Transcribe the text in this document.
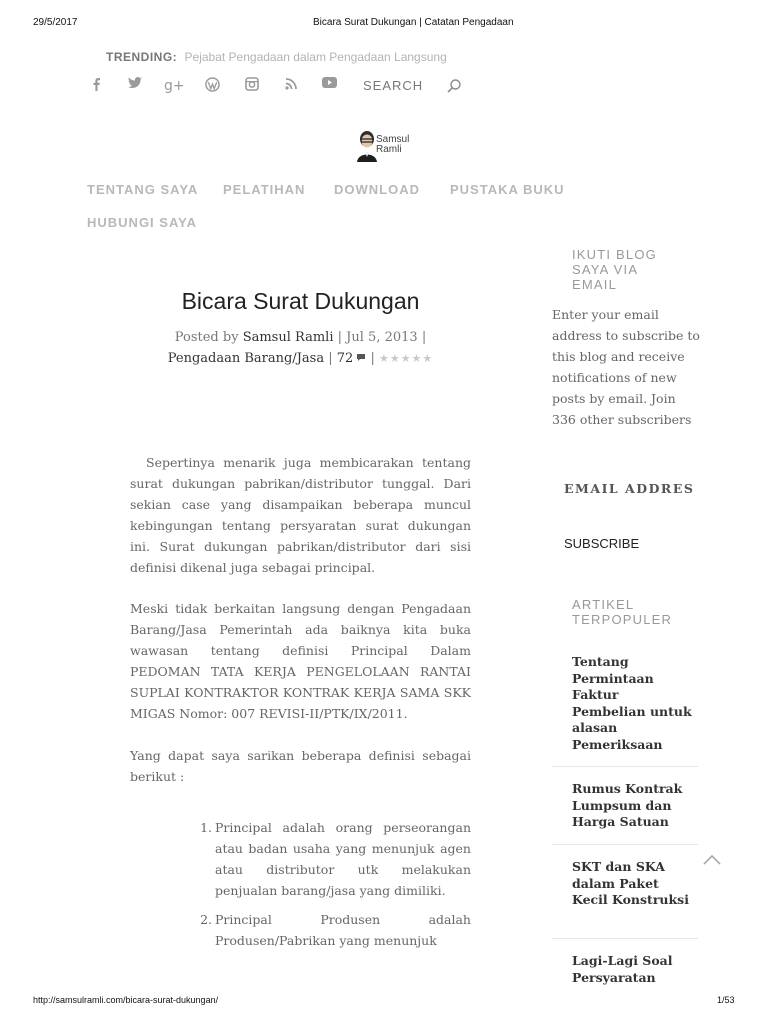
29/5/2017	Bicara Surat Dukungan | Catatan Pengadaan
TRENDING: Pejabat Pengadaan dalam Pengadaan Langsung
g+	SEARCH
Samsul
Ramli
TENTANG SAYA PELATIHAN DOWNLOAD PUSTAKA BUKU
HUBUNGI SAYA
Bicara Surat Dukungan
Posted by Samsul Ramli | Jul 5, 2013 | Pengadaan Barang/Jasa | 72 | ★★★★★

Sepertinya menarik juga membicarakan tentang surat dukungan pabrikan/distributor tunggal. Dari sekian case yang disampaikan beberapa muncul kebingungan tentang persyaratan surat dukungan ini. Surat dukungan pabrikan/distributor dari sisi definisi dikenal juga sebagai principal.

Meski tidak berkaitan langsung dengan Pengadaan Barang/Jasa Pemerintah ada baiknya kita buka wawasan tentang definisi Principal Dalam PEDOMAN TATA KERJA PENGELOLAAN RANTAI SUPLAI KONTRAKTOR KONTRAK KERJA SAMA SKK MIGAS Nomor: 007 REVISI-II/PTK/IX/2011.

Yang dapat saya sarikan beberapa definisi sebagai berikut :

1. Principal adalah orang perseorangan atau badan usaha yang menunjuk agen atau distributor utk melakukan penjualan barang/jasa yang dimiliki.
2. Principal Produsen adalah Produsen/Pabrikan yang menunjuk
IKUTI BLOG
SAYA VIA
EMAIL
Enter your email address to subscribe to this blog and receive notifications of new posts by email. Join 336 other subscribers
EMAIL ADDRES
SUBSCRIBE
ARTIKEL
TERPOPULER
Tentang Permintaan Faktur Pembelian untuk alasan Pemeriksaan
Rumus Kontrak Lumpsum dan Harga Satuan
SKT dan SKA dalam Paket Kecil Konstruksi
Lagi-Lagi Soal Persyaratan
http://samsulramli.com/bicara-surat-dukungan/	1/53
